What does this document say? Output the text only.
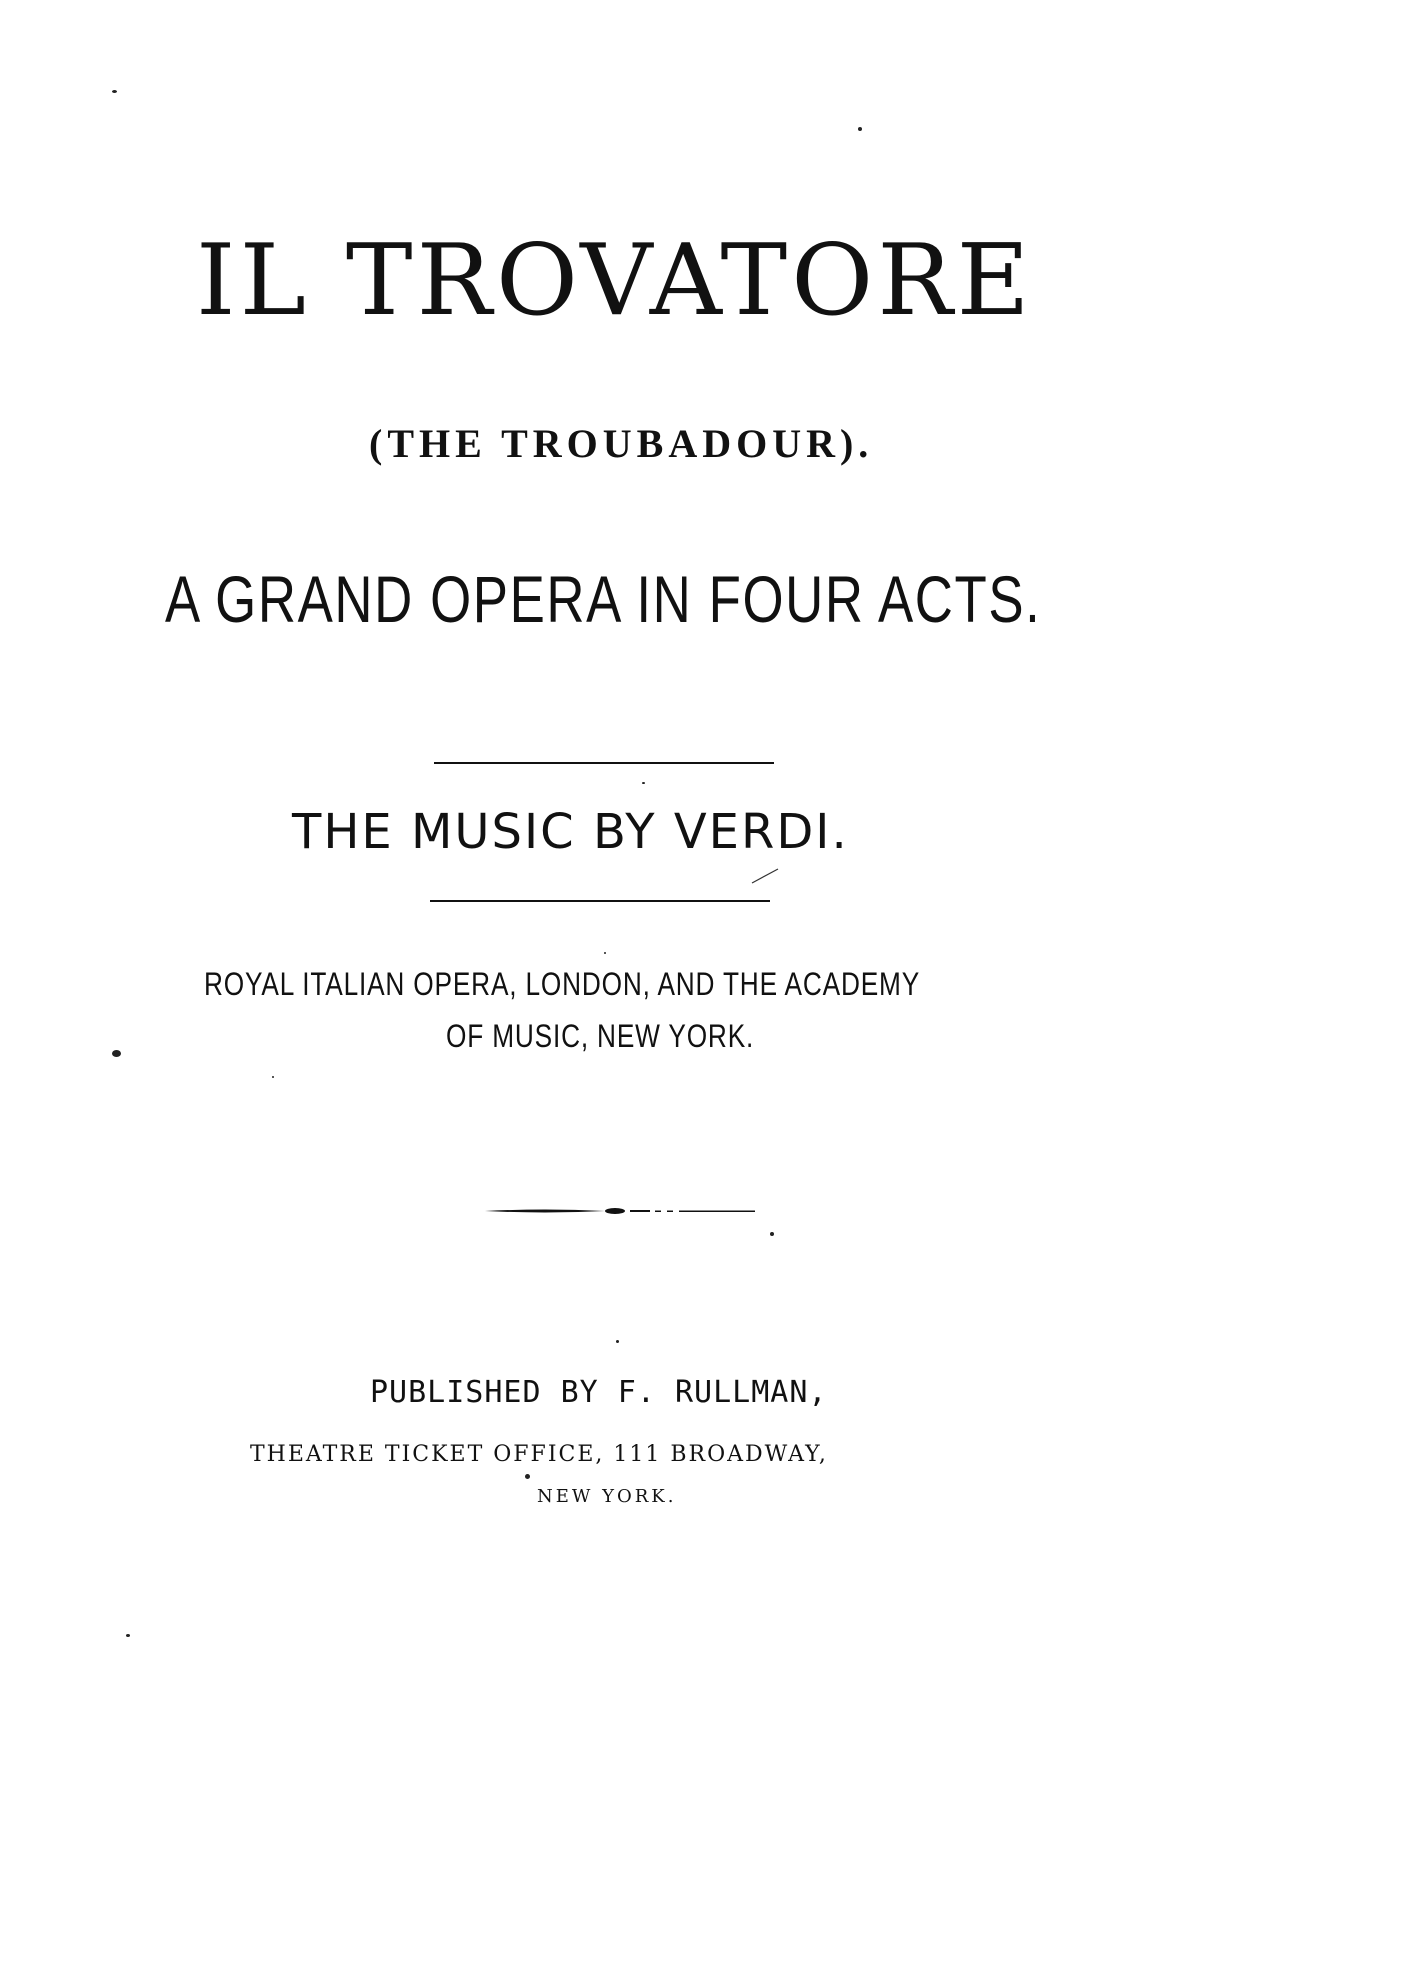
IL TROVATORE
(THE TROUBADOUR).
A GRAND OPERA IN FOUR ACTS.
THE MUSIC BY VERDI.
ROYAL ITALIAN OPERA, LONDON, AND THE ACADEMY
OF MUSIC, NEW YORK.
PUBLISHED BY F. RULLMAN,
THEATRE TICKET OFFICE, 111 BROADWAY,
NEW YORK.
